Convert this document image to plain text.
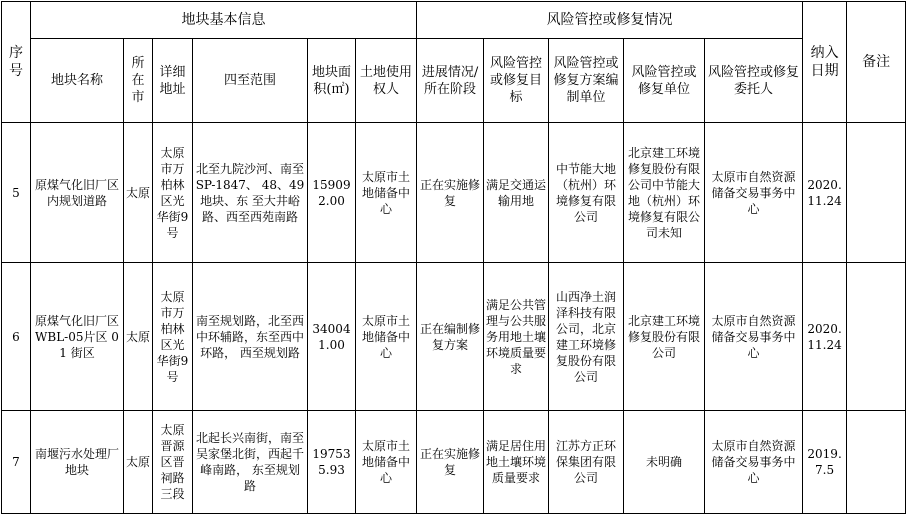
序号	地块基本信息						风险管控或修复情况					纳入日期	备注
	地块名称	所在市	详细地址	四至范围	地块面积(㎡)	土地使用权人	进展情况/所在阶段	风险管控或修复目标	风险管控或修复方案编制单位	风险管控或修复单位	风险管控或修复委托人		
5	原煤气化旧厂区内规划道路	太原	太原市万柏林区光华街9号	北至九院沙河、南至SP-1847、 48、49地块、东 至大井峪路、西至西苑南路	159092.00	太原市土地储备中心	正在实施修复	满足交通运输用地	中节能大地（杭州）环境修复有限公司	北京建工环境修复股份有限公司中节能大地（杭州）环境修复有限公司未知	太原市自然资源储备交易事务中心	2020.11.24	
6	原煤气化旧厂区 WBL-05片区 01 街区	太原	太原市万柏林区光华街9号	南至规划路，北至西中环辅路，东至西中环路， 西至规划路	340041.00	太原市土地储备中心	正在编制修复方案	满足公共管理与公共服务用地土壤环境质量要求	山西净土润泽科技有限公司，北京建工环境修复股份有限公司	北京建工环境修复股份有限公司	太原市自然资源储备交易事务中心	2020.11.24	
7	南堰污水处理厂地块	太原	太原晋源区晋祠路三段	北起长兴南街，南至吴家堡北街，西起千峰南路， 东至规划路	197535.93	太原市土地储备中心	正在实施修复	满足居住用地土壤环境质量要求	江苏方正环保集团有限公司	未明确	太原市自然资源储备交易事务中心	2019.7.5	
